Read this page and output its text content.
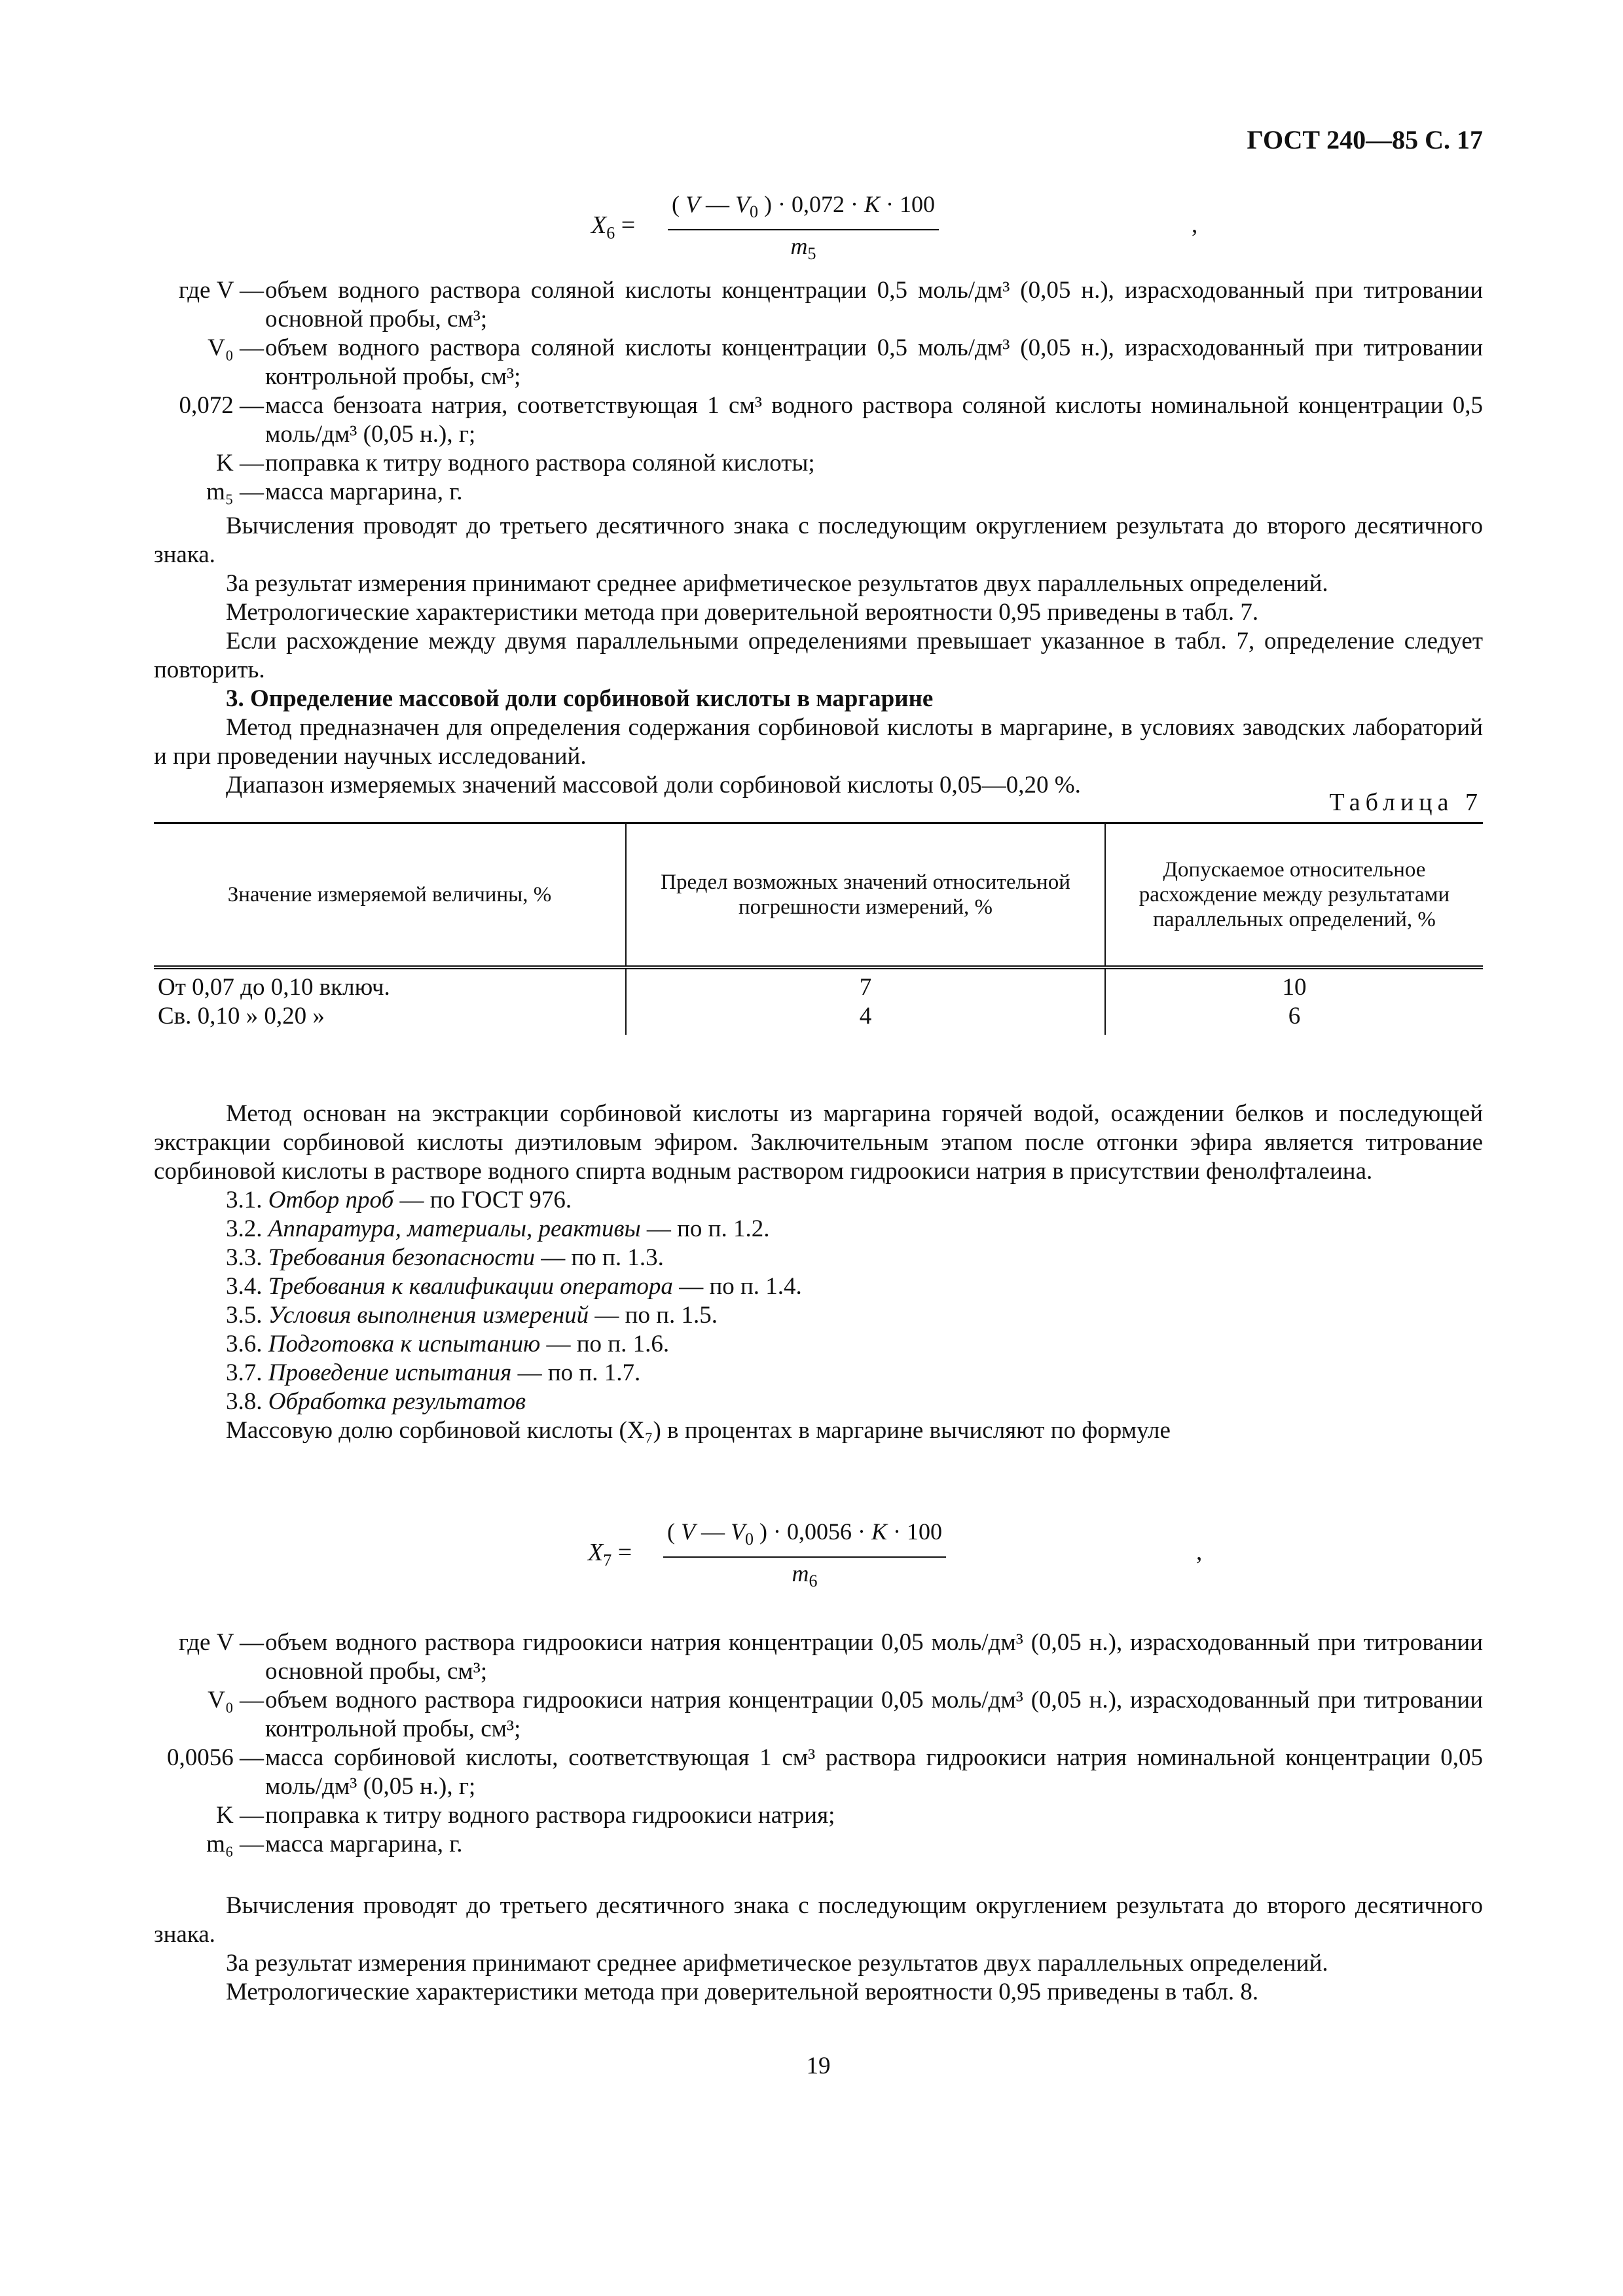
ГОСТ 240—85 С. 17
$X_6 = \frac{( V — V_0 ) \cdot 0,072 \cdot K \cdot 100}{m_5}$	,
где V — объем водного раствора соляной кислоты концентрации 0,5 моль/дм³ (0,05 н.), израсходованный при титровании основной пробы, см³;
V₀ — объем водного раствора соляной кислоты концентрации 0,5 моль/дм³ (0,05 н.), израсходованный при титровании контрольной пробы, см³;
0,072 — масса бензоата натрия, соответствующая 1 см³ водного раствора соляной кислоты номинальной концентрации 0,5 моль/дм³ (0,05 н.), г;
K — поправка к титру водного раствора соляной кислоты;
m₅ — масса маргарина, г.

Вычисления проводят до третьего десятичного знака с последующим округлением результата до второго десятичного знака.

За результат измерения принимают среднее арифметическое результатов двух параллельных определений.

Метрологические характеристики метода при доверительной вероятности 0,95 приведены в табл. 7.

Если расхождение между двумя параллельными определениями превышает указанное в табл. 7, определение следует повторить.

3. Определение массовой доли сорбиновой кислоты в маргарине

Метод предназначен для определения содержания сорбиновой кислоты в маргарине, в условиях заводских лабораторий и при проведении научных исследований.

Диапазон измеряемых значений массовой доли сорбиновой кислоты 0,05—0,20 %.

Таблица 7
Значение измеряемой величины, %	Предел возможных значений относительной погрешности измерений, %	Допускаемое относительное расхождение между результатами параллельных определений, %
От 0,07 до 0,10 включ.	7	10
Св. 0,10 » 0,20 »	4	6

Метод основан на экстракции сорбиновой кислоты из маргарина горячей водой, осаждении белков и последующей экстракции сорбиновой кислоты диэтиловым эфиром. Заключительным этапом после отгонки эфира является титрование сорбиновой кислоты в растворе водного спирта водным раствором гидроокиси натрия в присутствии фенолфталеина.

3.1. Отбор проб — по ГОСТ 976.

3.2. Аппаратура, материалы, реактивы — по п. 1.2.

3.3. Требования безопасности — по п. 1.3.

3.4. Требования к квалификации оператора — по п. 1.4.

3.5. Условия выполнения измерений — по п. 1.5.

3.6. Подготовка к испытанию — по п. 1.6.

3.7. Проведение испытания — по п. 1.7.

3.8. Обработка результатов

Массовую долю сорбиновой кислоты (X₇) в процентах в маргарине вычисляют по формуле

$X_7 = \frac{( V — V_0 ) \cdot 0,0056 \cdot K \cdot 100}{m_6}$	,
где V — объем водного раствора гидроокиси натрия концентрации 0,05 моль/дм³ (0,05 н.), израсходованный при титровании основной пробы, см³;
V₀ — объем водного раствора гидроокиси натрия концентрации 0,05 моль/дм³ (0,05 н.), израсходованный при титровании контрольной пробы, см³;
0,0056 — масса сорбиновой кислоты, соответствующая 1 см³ раствора гидроокиси натрия номинальной концентрации 0,05 моль/дм³ (0,05 н.), г;
K — поправка к титру водного раствора гидроокиси натрия;
m₆ — масса маргарина, г.

Вычисления проводят до третьего десятичного знака с последующим округлением результата до второго десятичного знака.

За результат измерения принимают среднее арифметическое результатов двух параллельных определений.

Метрологические характеристики метода при доверительной вероятности 0,95 приведены в табл. 8.

19
